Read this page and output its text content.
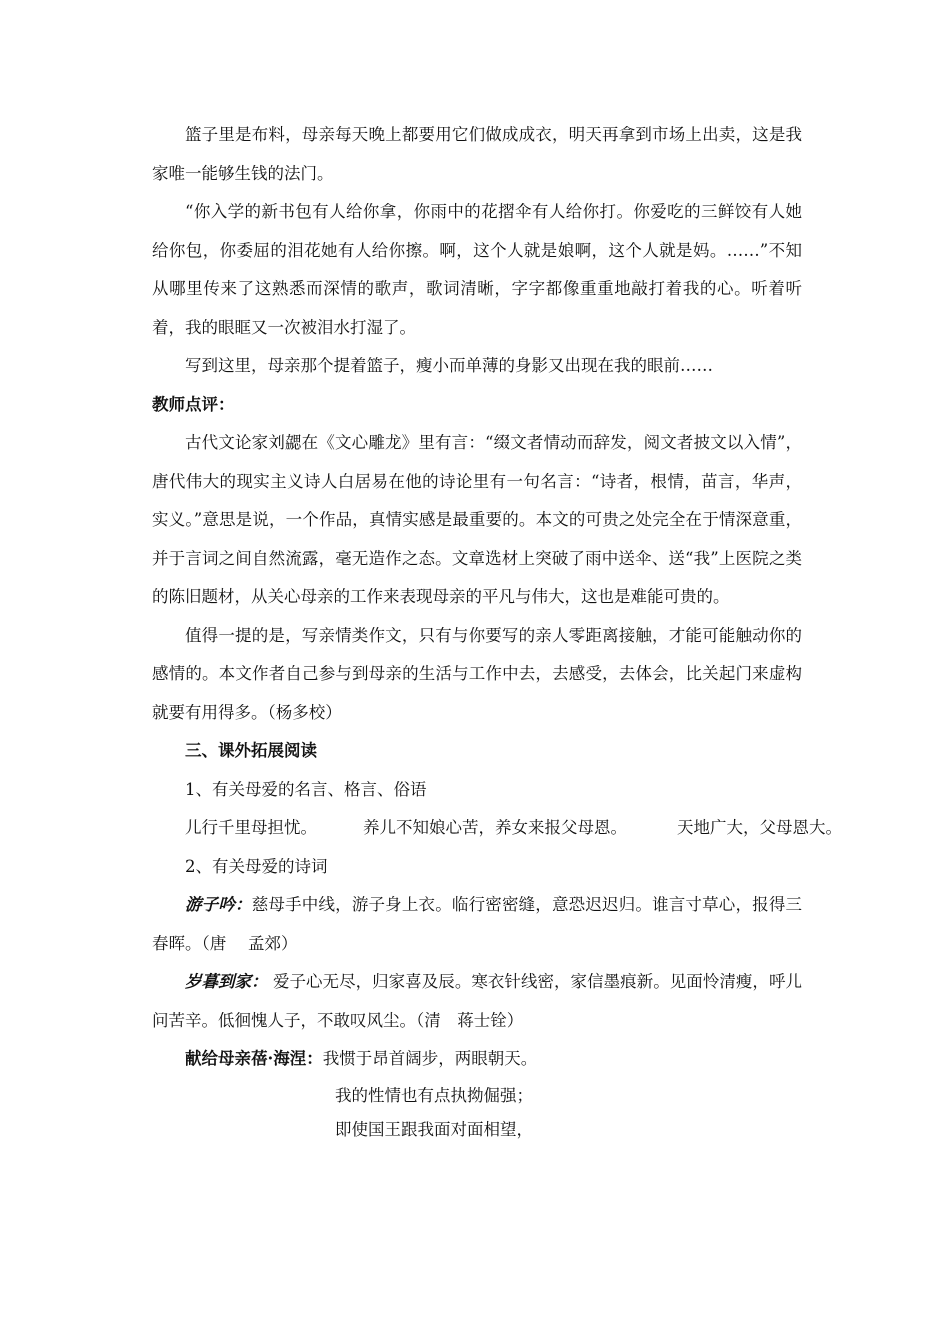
篮子里是布料，母亲每天晚上都要用它们做成成衣，明天再拿到市场上出卖，这是我家唯一能够生钱的法门。

“你入学的新书包有人给你拿，你雨中的花摺伞有人给你打。你爱吃的三鲜饺有人她给你包，你委屈的泪花她有人给你擦。啊，这个人就是娘啊，这个人就是妈。……”不知从哪里传来了这熟悉而深情的歌声，歌词清晰，字字都像重重地敲打着我的心。听着听着，我的眼眶又一次被泪水打湿了。

写到这里，母亲那个提着篮子，瘦小而单薄的身影又出现在我的眼前……

教师点评：

古代文论家刘勰在《文心雕龙》里有言：“缀文者情动而辞发，阅文者披文以入情”，唐代伟大的现实主义诗人白居易在他的诗论里有一句名言：“诗者，根情，苗言，华声，实义。”意思是说，一个作品，真情实感是最重要的。本文的可贵之处完全在于情深意重，并于言词之间自然流露，毫无造作之态。文章选材上突破了雨中送伞、送“我”上医院之类的陈旧题材，从关心母亲的工作来表现母亲的平凡与伟大，这也是难能可贵的。

值得一提的是，写亲情类作文，只有与你要写的亲人零距离接触，才能可能触动你的感情的。本文作者自己参与到母亲的生活与工作中去，去感受，去体会，比关起门来虚构就要有用得多。（杨多校）

三、课外拓展阅读

1、有关母爱的名言、格言、俗语

儿行千里母担忧。	养儿不知娘心苦，养女来报父母恩。	天地广大，父母恩大。

2、有关母爱的诗词

游子吟：慈母手中线，游子身上衣。临行密密缝，意恐迟迟归。谁言寸草心，报得三春晖。（唐　 孟郊）

岁暮到家： 爱子心无尽，归家喜及辰。寒衣针线密，家信墨痕新。见面怜清瘦，呼儿问苦辛。低徊愧人子，不敢叹风尘。（清　蒋士铨）

献给母亲蓓·海涅：我惯于昂首阔步，两眼朝天。

我的性情也有点执拗倔强；

即使国王跟我面对面相望，
